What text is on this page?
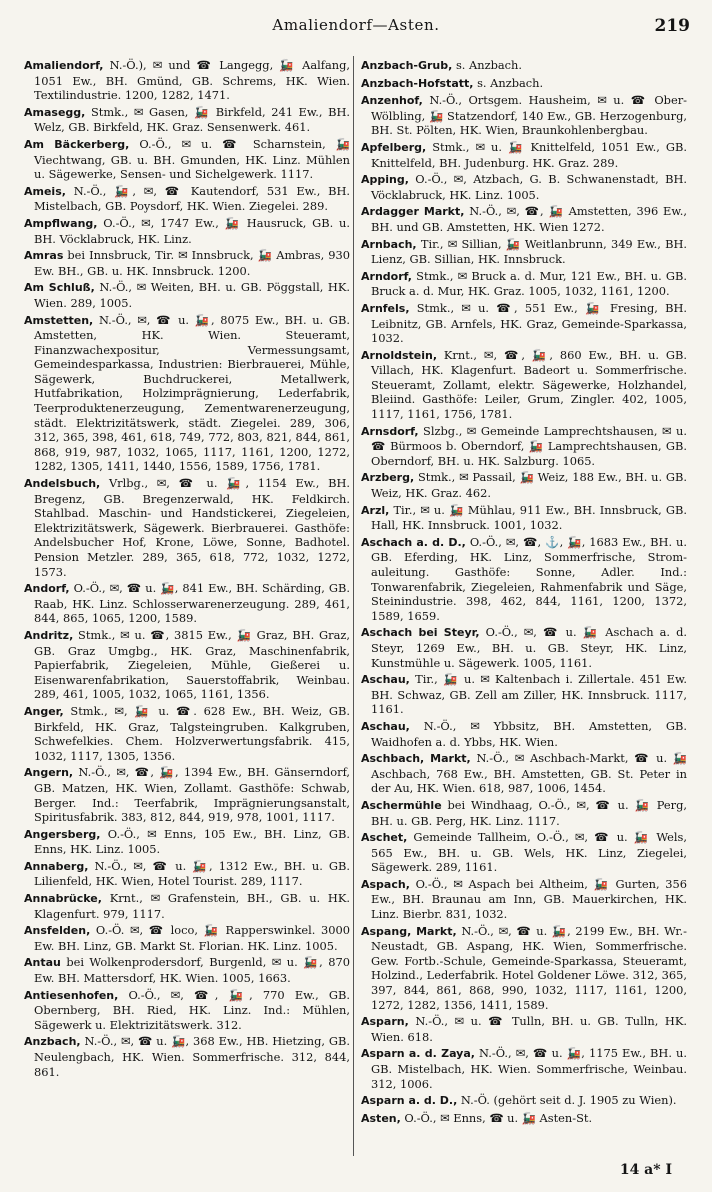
Amaliendorf—Asten.	219

Amaliendorf, N.-Ö.), ✉ und ☎ Langegg, 🚂 Aalfang, 1051 Ew., BH. Gmünd, GB. Schrems, HK. Wien. Textilindustrie. 1200, 1282, 1471.

Amasegg, Stmk., ✉ Gasen, 🚂 Birkfeld, 241 Ew., BH. Welz, GB. Birkfeld, HK. Graz. Sensenwerk. 461.

Am Bäckerberg, O.-Ö., ✉ u. ☎ Scharnstein, 🚂 Viechtwang, GB. u. BH. Gmunden, HK. Linz. Mühlen u. Sägewerke, Sensen- und Sichelgewerk. 1117.

Ameis, N.-Ö., 🚂, ✉, ☎ Kautendorf, 531 Ew., BH. Mistelbach, GB. Poysdorf, HK. Wien. Ziegelei. 289.

Ampflwang, O.-Ö., ✉, 1747 Ew., 🚂 Hausruck, GB. u. BH. Vöcklabruck, HK. Linz.

Amras bei Innsbruck, Tir. ✉ Innsbruck, 🚂 Ambras, 930 Ew. BH., GB. u. HK. Innsbruck. 1200.

Am Schluß, N.-Ö., ✉ Weiten, BH. u. GB. Pöggstall, HK. Wien. 289, 1005.

Amstetten, N.-Ö., ✉, ☎ u. 🚂, 8075 Ew., BH. u. GB. Amstetten, HK. Wien. Steueramt, Finanzwachexpositur, Vermessungsamt, Gemeindesparkassa, Industrien: Bierbrauerei, Mühle, Sägewerk, Buchdruckerei, Metallwerk, Hutfabrikation, Holzimprägnierung, Lederfabrik, Teerproduktenerzeugung, Zementwarenerzeugung, städt. Elektrizitätswerk, städt. Ziegelei. 289, 306, 312, 365, 398, 461, 618, 749, 772, 803, 821, 844, 861, 868, 919, 987, 1032, 1065, 1117, 1161, 1200, 1272, 1282, 1305, 1411, 1440, 1556, 1589, 1756, 1781.

Andelsbuch, Vrlbg., ✉, ☎ u. 🚂, 1154 Ew., BH. Bregenz, GB. Bregenzerwald, HK. Feldkirch. Stahlbad. Maschin- und Handstickerei, Ziegeleien, Elektrizitätswerk, Sägewerk. Bierbrauerei. Gasthöfe: Andelsbucher Hof, Krone, Löwe, Sonne, Badhotel. Pension Metzler. 289, 365, 618, 772, 1032, 1272, 1573.

Andorf, O.-Ö., ✉, ☎ u. 🚂, 841 Ew., BH. Schärding, GB. Raab, HK. Linz. Schlosserwarenerzeugung. 289, 461, 844, 865, 1065, 1200, 1589.

Andritz, Stmk., ✉ u. ☎, 3815 Ew., 🚂 Graz, BH. Graz, GB. Graz Umgbg., HK. Graz, Maschinenfabrik, Papierfabrik, Ziegeleien, Mühle, Gießerei u. Eisenwarenfabrikation, Sauerstoffabrik, Weinbau. 289, 461, 1005, 1032, 1065, 1161, 1356.

Anger, Stmk., ✉, 🚂 u. ☎. 628 Ew., BH. Weiz, GB. Birkfeld, HK. Graz, Talgsteingruben. Kalkgruben, Schwefelkies. Chem. Holzverwertungsfabrik. 415, 1032, 1117, 1305, 1356.

Angern, N.-Ö., ✉, ☎, 🚂, 1394 Ew., BH. Gänserndorf, GB. Matzen, HK. Wien, Zollamt. Gasthöfe: Schwab, Berger. Ind.: Teerfabrik, Imprägnierungsanstalt, Spiritusfabrik. 383, 812, 844, 919, 978, 1001, 1117.

Angersberg, O.-Ö., ✉ Enns, 105 Ew., BH. Linz, GB. Enns, HK. Linz. 1005.

Annaberg, N.-Ö., ✉, ☎ u. 🚂, 1312 Ew., BH. u. GB. Lilienfeld, HK. Wien, Hotel Tourist. 289, 1117.

Annabrücke, Krnt., ✉ Grafenstein, BH., GB. u. HK. Klagenfurt. 979, 1117.

Ansfelden, O.-Ö. ✉, ☎ loco, 🚂 Rapperswinkel. 3000 Ew. BH. Linz, GB. Markt St. Florian. HK. Linz. 1005.

Antau bei Wolkenprodersdorf, Burgenld, ✉ u. 🚂, 870 Ew. BH. Mattersdorf, HK. Wien. 1005, 1663.

Antiesenhofen, O.-Ö., ✉, ☎, 🚂, 770 Ew., GB. Obernberg, BH. Ried, HK. Linz. Ind.: Mühlen, Sägewerk u. Elektrizitätswerk. 312.

Anzbach, N.-Ö., ✉, ☎ u. 🚂, 368 Ew., HB. Hietzing, GB. Neulengbach, HK. Wien. Sommerfrische. 312, 844, 861.

Anzbach-Grub, s. Anzbach.

Anzbach-Hofstatt, s. Anzbach.

Anzenhof, N.-Ö., Ortsgem. Hausheim, ✉ u. ☎ Ober-Wölbling, 🚂 Statzendorf, 140 Ew., GB. Herzogenburg, BH. St. Pölten, HK. Wien, Braunkohlenbergbau.

Apfelberg, Stmk., ✉ u. 🚂 Knittelfeld, 1051 Ew., GB. Knittelfeld, BH. Judenburg. HK. Graz. 289.

Apping, O.-Ö., ✉, Atzbach, G. B. Schwanenstadt, BH. Vöcklabruck, HK. Linz. 1005.

Ardagger Markt, N.-Ö., ✉, ☎, 🚂 Amstetten, 396 Ew., BH. und GB. Amstetten, HK. Wien 1272.

Arnbach, Tir., ✉ Sillian, 🚂 Weitlanbrunn, 349 Ew., BH. Lienz, GB. Sillian, HK. Innsbruck.

Arndorf, Stmk., ✉ Bruck a. d. Mur, 121 Ew., BH. u. GB. Bruck a. d. Mur, HK. Graz. 1005, 1032, 1161, 1200.

Arnfels, Stmk., ✉ u. ☎, 551 Ew., 🚂 Fresing, BH. Leibnitz, GB. Arnfels, HK. Graz, Gemeinde-Sparkassa, 1032.

Arnoldstein, Krnt., ✉, ☎, 🚂, 860 Ew., BH. u. GB. Villach, HK. Klagenfurt. Badeort u. Sommerfrische. Steueramt, Zollamt, elektr. Sägewerke, Holzhandel, Bleiind. Gasthöfe: Leiler, Grum, Zingler. 402, 1005, 1117, 1161, 1756, 1781.

Arnsdorf, Slzbg., ✉ Gemeinde Lamprechtshausen, ✉ u. ☎ Bürmoos b. Oberndorf, 🚂 Lamprechtshausen, GB. Oberndorf, BH. u. HK. Salzburg. 1065.

Arzberg, Stmk., ✉ Passail, 🚂 Weiz, 188 Ew., BH. u. GB. Weiz, HK. Graz. 462.

Arzl, Tir., ✉ u. 🚂 Mühlau, 911 Ew., BH. Innsbruck, GB. Hall, HK. Innsbruck. 1001, 1032.

Aschach a. d. D., O.-Ö., ✉, ☎, ⚓, 🚂, 1683 Ew., BH. u. GB. Eferding, HK. Linz, Sommerfrische, Strom-auleitung. Gasthöfe: Sonne, Adler. Ind.: Tonwarenfabrik, Ziegeleien, Rahmenfabrik und Säge, Steinindustrie. 398, 462, 844, 1161, 1200, 1372, 1589, 1659.

Aschach bei Steyr, O.-Ö., ✉, ☎ u. 🚂 Aschach a. d. Steyr, 1269 Ew., BH. u. GB. Steyr, HK. Linz, Kunstmühle u. Sägewerk. 1005, 1161.

Aschau, Tir., 🚂 u. ✉ Kaltenbach i. Zillertale. 451 Ew. BH. Schwaz, GB. Zell am Ziller, HK. Innsbruck. 1117, 1161.

Aschau, N.-Ö., ✉ Ybbsitz, BH. Amstetten, GB. Waidhofen a. d. Ybbs, HK. Wien.

Aschbach, Markt, N.-Ö., ✉ Aschbach-Markt, ☎ u. 🚂 Aschbach, 768 Ew., BH. Amstetten, GB. St. Peter in der Au, HK. Wien. 618, 987, 1006, 1454.

Aschermühle bei Windhaag, O.-Ö., ✉, ☎ u. 🚂 Perg, BH. u. GB. Perg, HK. Linz. 1117.

Aschet, Gemeinde Tallheim, O.-Ö., ✉, ☎ u. 🚂 Wels, 565 Ew., BH. u. GB. Wels, HK. Linz, Ziegelei, Sägewerk. 289, 1161.

Aspach, O.-Ö., ✉ Aspach bei Altheim, 🚂 Gurten, 356 Ew., BH. Braunau am Inn, GB. Mauerkirchen, HK. Linz. Bierbr. 831, 1032.

Aspang, Markt, N.-Ö., ✉, ☎ u. 🚂, 2199 Ew., BH. Wr.-Neustadt, GB. Aspang, HK. Wien, Sommerfrische. Gew. Fortb.-Schule, Gemeinde-Sparkassa, Steueramt, Holzind., Lederfabrik. Hotel Goldener Löwe. 312, 365, 397, 844, 861, 868, 990, 1032, 1117, 1161, 1200, 1272, 1282, 1356, 1411, 1589.

Asparn, N.-Ö., ✉ u. ☎ Tulln, BH. u. GB. Tulln, HK. Wien. 618.

Asparn a. d. Zaya, N.-Ö., ✉, ☎ u. 🚂, 1175 Ew., BH. u. GB. Mistelbach, HK. Wien. Sommerfrische, Weinbau. 312, 1006.

Asparn a. d. D., N.-Ö. (gehört seit d. J. 1905 zu Wien).

Asten, O.-Ö., ✉ Enns, ☎ u. 🚂 Asten-St.

14 a* I
